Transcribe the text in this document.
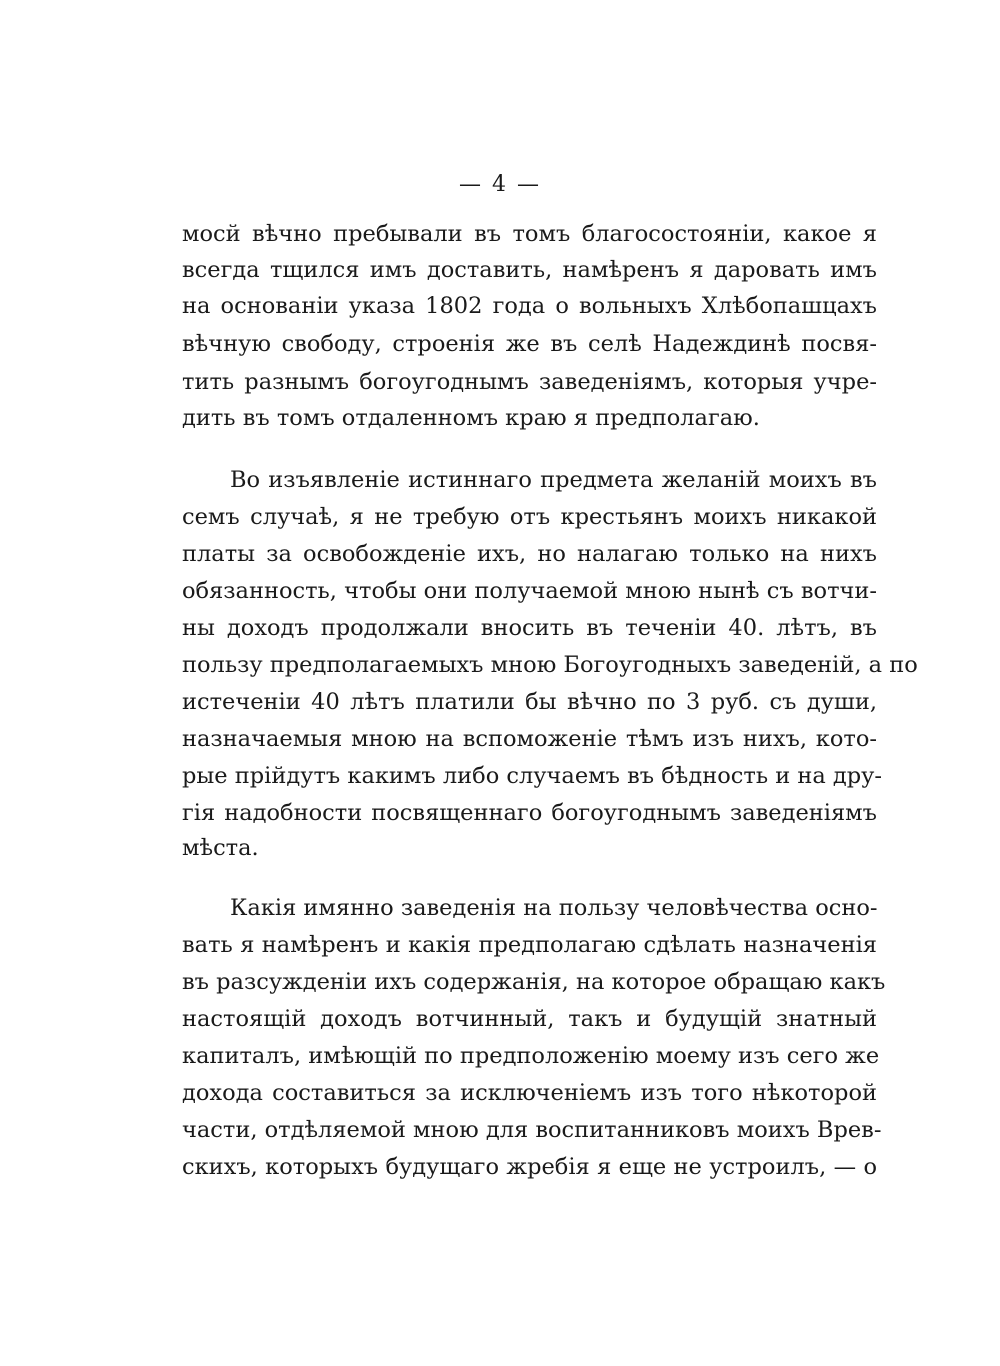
— 4 —
мосй вѣчно пребывали въ томъ благосостояніи, какое я
всегда тщился имъ доставить, намѣренъ я даровать имъ
на основаніи указа 1802 года о вольныхъ Хлѣбопашцахъ
вѣчную свободу, строенія же въ селѣ Надеждинѣ посвя-
тить разнымъ богоугоднымъ заведеніямъ, которыя учре-
дить въ томъ отдаленномъ краю я предполагаю.
Во изъявленіе истиннаго предмета желаній моихъ въ
семъ случаѣ, я не требую отъ крестьянъ моихъ никакой
платы за освобожденіе ихъ, но налагаю только на нихъ
обязанность, чтобы они получаемой мною нынѣ съ вотчи-
ны доходъ продолжали вносить въ теченіи 40. лѣтъ, въ
пользу предполагаемыхъ мною Богоугодныхъ заведеній, а по
истеченіи 40 лѣтъ платили бы вѣчно по 3 руб. съ души,
назначаемыя мною на вспоможеніе тѣмъ изъ нихъ, кото-
рые прійдутъ какимъ либо случаемъ въ бѣдность и на дру-
гія надобности посвященнаго богоугоднымъ заведеніямъ
мѣста.
Какія имянно заведенія на пользу человѣчества осно-
вать я намѣренъ и какія предполагаю сдѣлать назначенія
въ разсужденіи ихъ содержанія, на которое обращаю какъ
настоящій доходъ вотчинный, такъ и будущій знатный
капиталъ, имѣющій по предположенію моему изъ сего же
дохода составиться за исключеніемъ изъ того нѣкоторой
части, отдѣляемой мною для воспитанниковъ моихъ Врев-
скихъ, которыхъ будущаго жребія я еще не устроилъ, — о
